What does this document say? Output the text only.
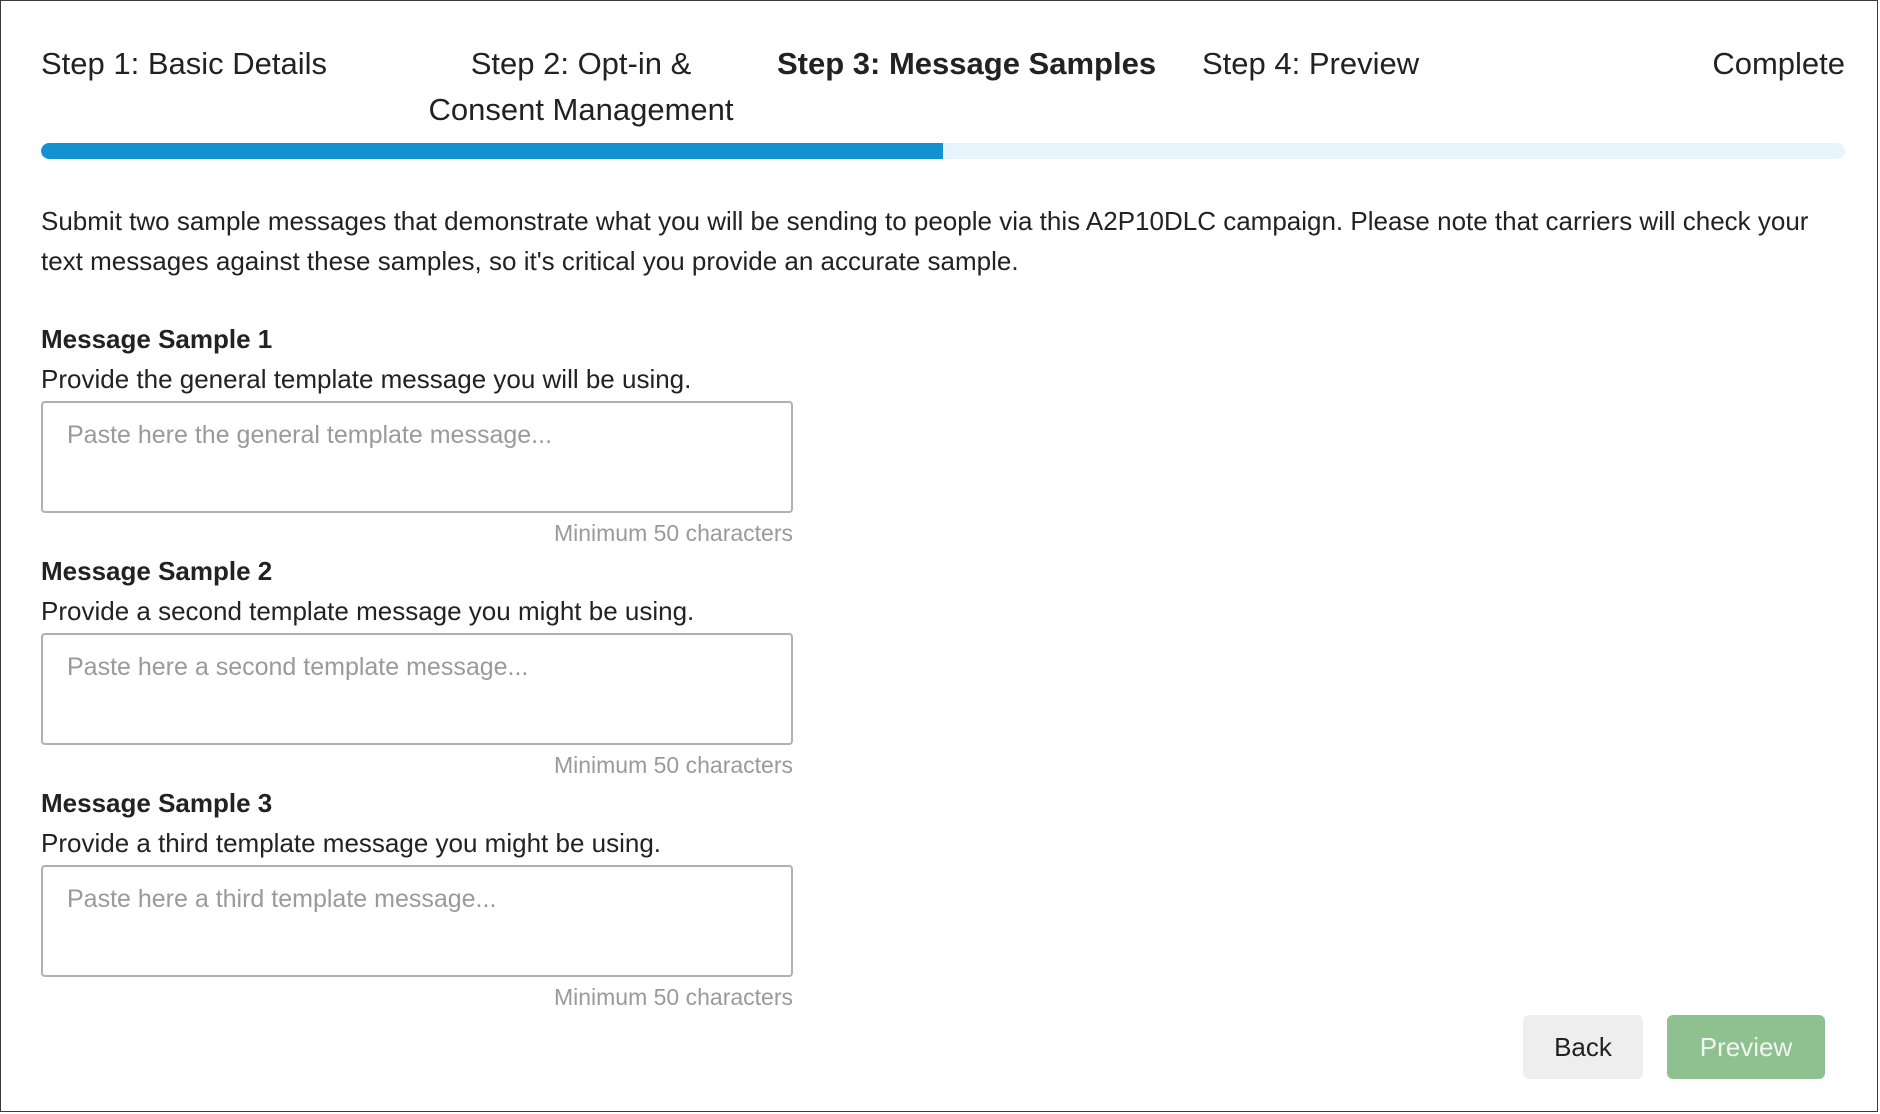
Step 1: Basic Details	Step 2: Opt-in & Consent Management
Step 3: Message Samples Step 4: Preview	Complete
Submit two sample messages that demonstrate what you will be sending to people via this A2P10DLC campaign. Please note that carriers will check your text messages against these samples, so it's critical you provide an accurate sample.
Message Sample 1
Provide the general template message you will be using.
Paste here the general template message...
Minimum 50 characters
Message Sample 2
Provide a second template message you might be using.
Paste here a second template message...
Minimum 50 characters
Message Sample 3
Provide a third template message you might be using.
Paste here a third template message...
Minimum 50 characters
Back	Preview
